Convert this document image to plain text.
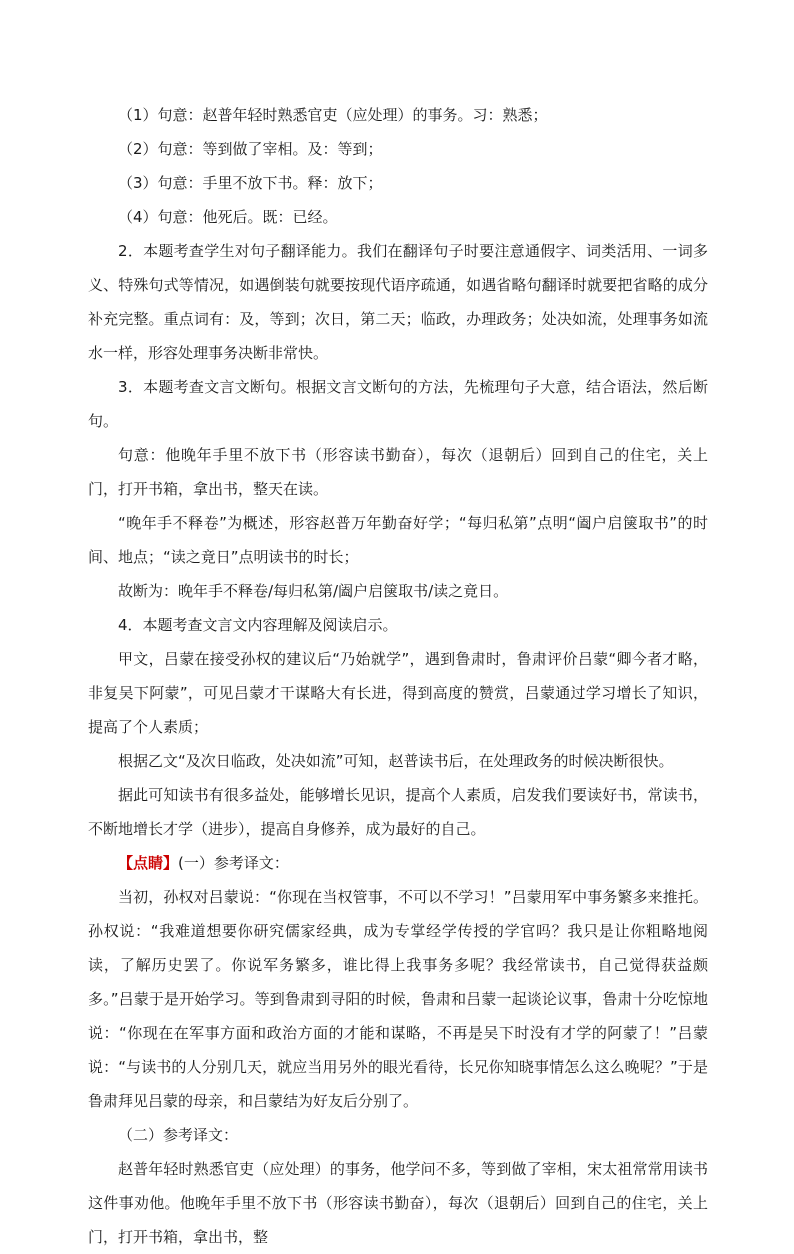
（1）句意：赵普年轻时熟悉官吏（应处理）的事务。习：熟悉；

（2）句意：等到做了宰相。及：等到；

（3）句意：手里不放下书。释：放下；

（4）句意：他死后。既：已经。

2．本题考查学生对句子翻译能力。我们在翻译句子时要注意通假字、词类活用、一词多义、特殊句式等情况，如遇倒装句就要按现代语序疏通，如遇省略句翻译时就要把省略的成分补充完整。重点词有：及，等到；次日，第二天；临政，办理政务；处决如流，处理事务如流水一样，形容处理事务决断非常快。

3．本题考查文言文断句。根据文言文断句的方法，先梳理句子大意，结合语法，然后断句。

句意：他晚年手里不放下书（形容读书勤奋），每次（退朝后）回到自己的住宅，关上门，打开书箱，拿出书，整天在读。

“晚年手不释卷”为概述，形容赵普万年勤奋好学；“每归私第”点明“阖户启箧取书”的时间、地点；“读之竟日”点明读书的时长；

故断为：晚年手不释卷/每归私第/阖户启箧取书/读之竟日。

4．本题考查文言文内容理解及阅读启示。

甲文，吕蒙在接受孙权的建议后“乃始就学”，遇到鲁肃时，鲁肃评价吕蒙“卿今者才略，非复吴下阿蒙”，可见吕蒙才干谋略大有长进，得到高度的赞赏，吕蒙通过学习增长了知识，提高了个人素质；

根据乙文“及次日临政，处决如流”可知，赵普读书后，在处理政务的时候决断很快。

据此可知读书有很多益处，能够增长见识，提高个人素质，启发我们要读好书，常读书，不断地增长才学（进步），提高自身修养，成为最好的自己。

【点睛】(一）参考译文：

当初，孙权对吕蒙说：“你现在当权管事，不可以不学习！”吕蒙用军中事务繁多来推托。孙权说：“我难道想要你研究儒家经典，成为专掌经学传授的学官吗？我只是让你粗略地阅读，了解历史罢了。你说军务繁多，谁比得上我事务多呢？我经常读书，自己觉得获益颇多。”吕蒙于是开始学习。等到鲁肃到寻阳的时候，鲁肃和吕蒙一起谈论议事，鲁肃十分吃惊地说：“你现在在军事方面和政治方面的才能和谋略，不再是吴下时没有才学的阿蒙了！”吕蒙说：“与读书的人分别几天，就应当用另外的眼光看待，长兄你知晓事情怎么这么晚呢？”于是鲁肃拜见吕蒙的母亲，和吕蒙结为好友后分别了。

（二）参考译文：

赵普年轻时熟悉官吏（应处理）的事务，他学问不多，等到做了宰相，宋太祖常常用读书这件事劝他。他晚年手里不放下书（形容读书勤奋），每次（退朝后）回到自己的住宅，关上门，打开书箱，拿出书，整
